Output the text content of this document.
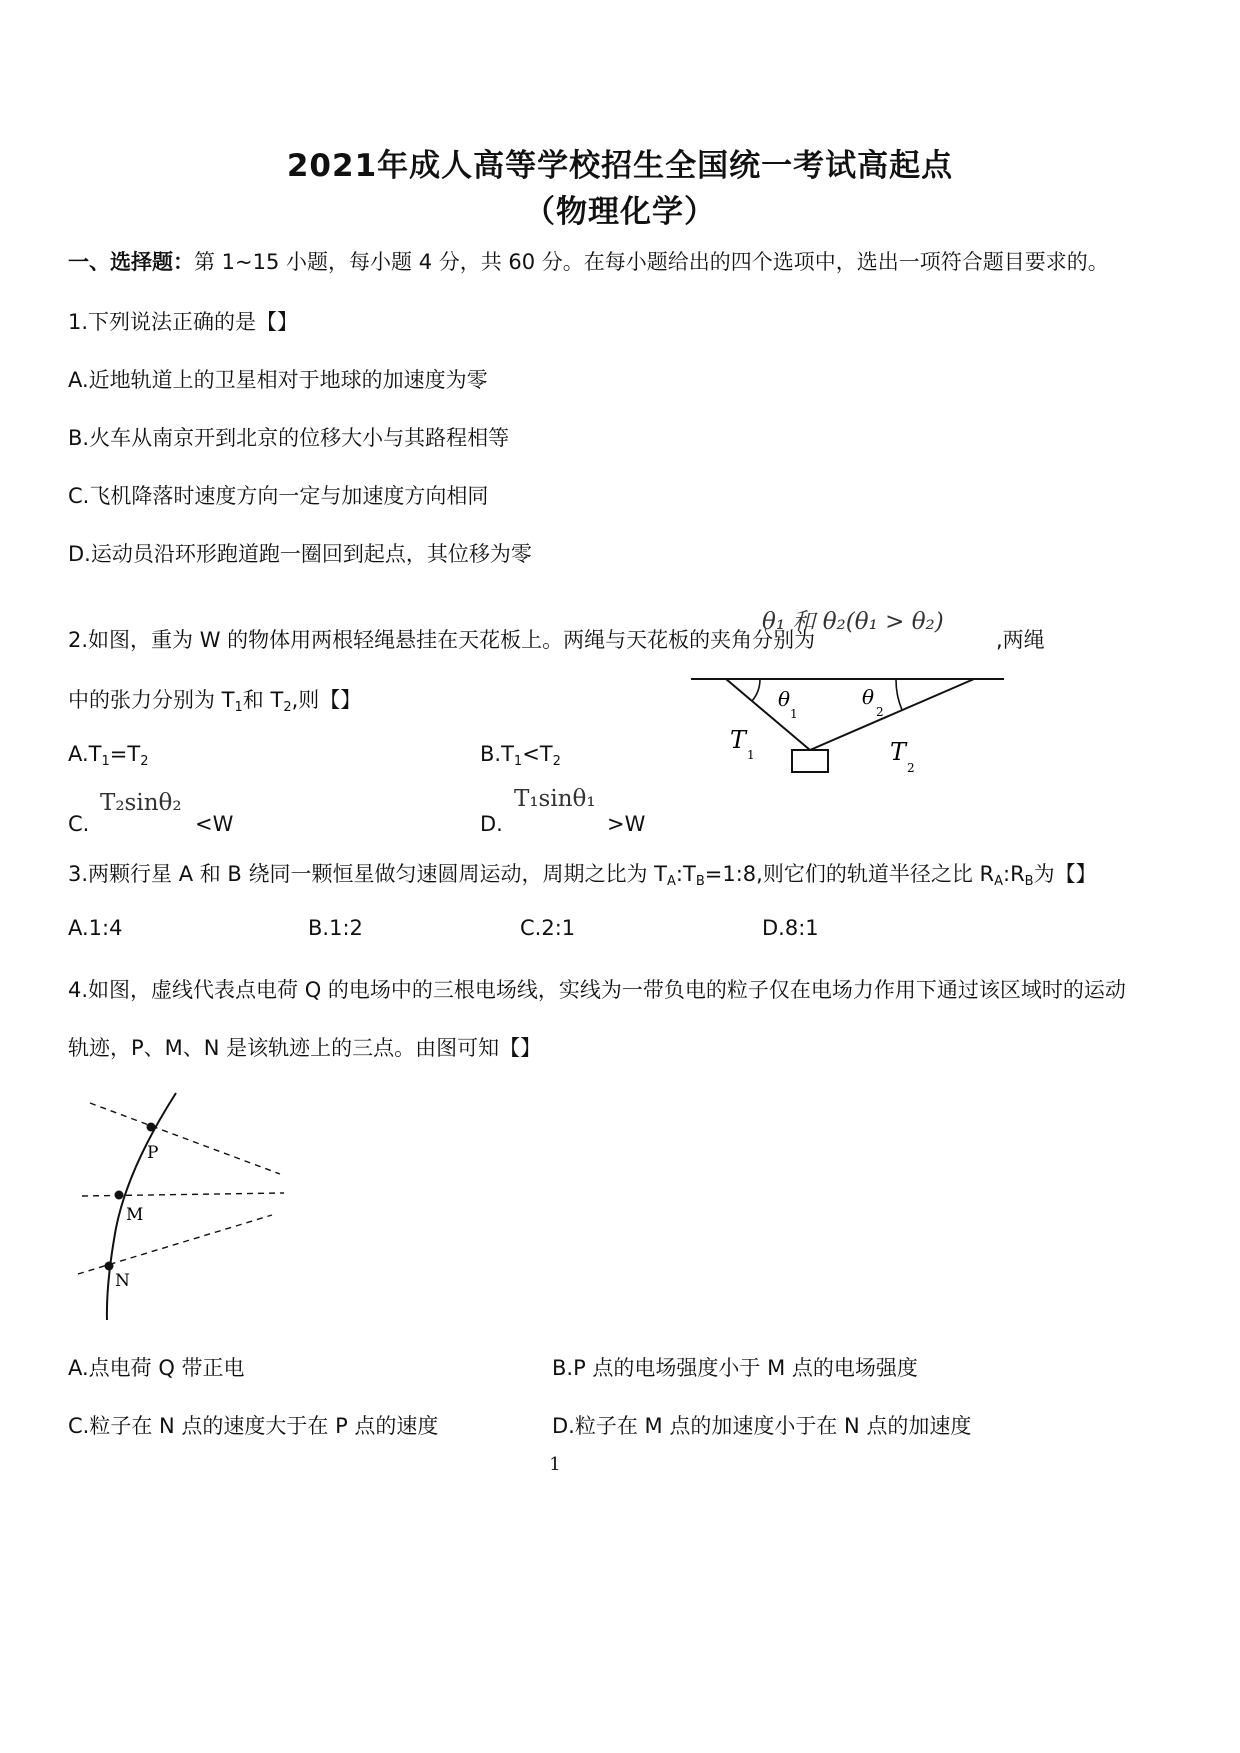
2021年成人高等学校招生全国统一考试高起点
（物理化学）
一、选择题：第 1~15 小题，每小题 4 分，共 60 分。在每小题给出的四个选项中，选出一项符合题目要求的。
1.下列说法正确的是【】
A.近地轨道上的卫星相对于地球的加速度为零
B.火车从南京开到北京的位移大小与其路程相等
C.飞机降落时速度方向一定与加速度方向相同
D.运动员沿环形跑道跑一圈回到起点，其位移为零
2.如图，重为 W 的物体用两根轻绳悬挂在天花板上。两绳与天花板的夹角分别为
θ₁ 和 θ₂(θ₁ > θ₂)
,两绳
中的张力分别为 $T_1$和 $T_2$,则【】
$A.T_1=T_2$	$B.T_1<T_2$
C.
T₂sinθ₂
<W	D.
T₁sinθ₁
>W
θ
1
θ
2
T
1	T
2
3.两颗行星 A 和 B 绕同一颗恒星做匀速圆周运动，周期之比为 $T_A:T_B=1:8$,则它们的轨道半径之比 $R_A:R_B$为【】
A.1:4	B.1:2	C.2:1	D.8:1
4.如图，虚线代表点电荷 Q 的电场中的三根电场线，实线为一带负电的粒子仅在电场力作用下通过该区域时的运动
轨迹，P、M、N 是该轨迹上的三点。由图可知【】
P
M
N
A.点电荷 Q 带正电	B.P 点的电场强度小于 M 点的电场强度
C.粒子在 N 点的速度大于在 P 点的速度	D.粒子在 M 点的加速度小于在 N 点的加速度
1
